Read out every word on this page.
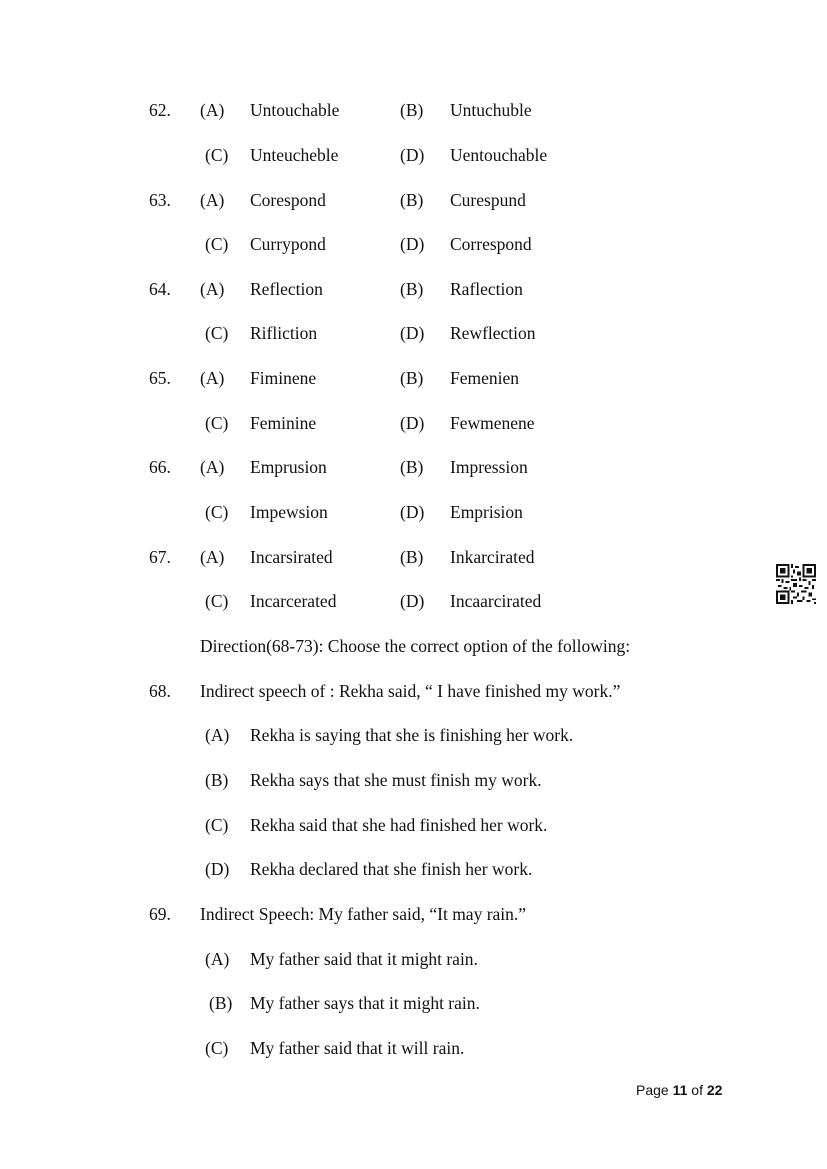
62. (A) Untouchable	(B) Untuchuble
(C) Unteucheble	(D) Uentouchable
63. (A) Corespond	(B) Curespund
(C) Currypond	(D) Correspond
64. (A) Reflection	(B) Raflection
(C) Rifliction	(D) Rewflection
65. (A) Fiminene	(B) Femenien
(C) Feminine	(D) Fewmenene
66. (A) Emprusion	(B) Impression
(C) Impewsion	(D) Emprision
67. (A) Incarsirated	(B) Inkarcirated
(C) Incarcerated	(D) Incaarcirated
Direction(68-73): Choose the correct option of the following:
68. Indirect speech of : Rekha said, “ I have finished my work.”
(A) Rekha is saying that she is finishing her work.
(B) Rekha says that she must finish my work.
(C) Rekha said that she had finished her work.
(D) Rekha declared that she finish her work.
69. Indirect Speech: My father said, “It may rain.”
(A) My father said that it might rain.
(B) My father says that it might rain.
(C) My father said that it will rain.
Page 11 of 22
